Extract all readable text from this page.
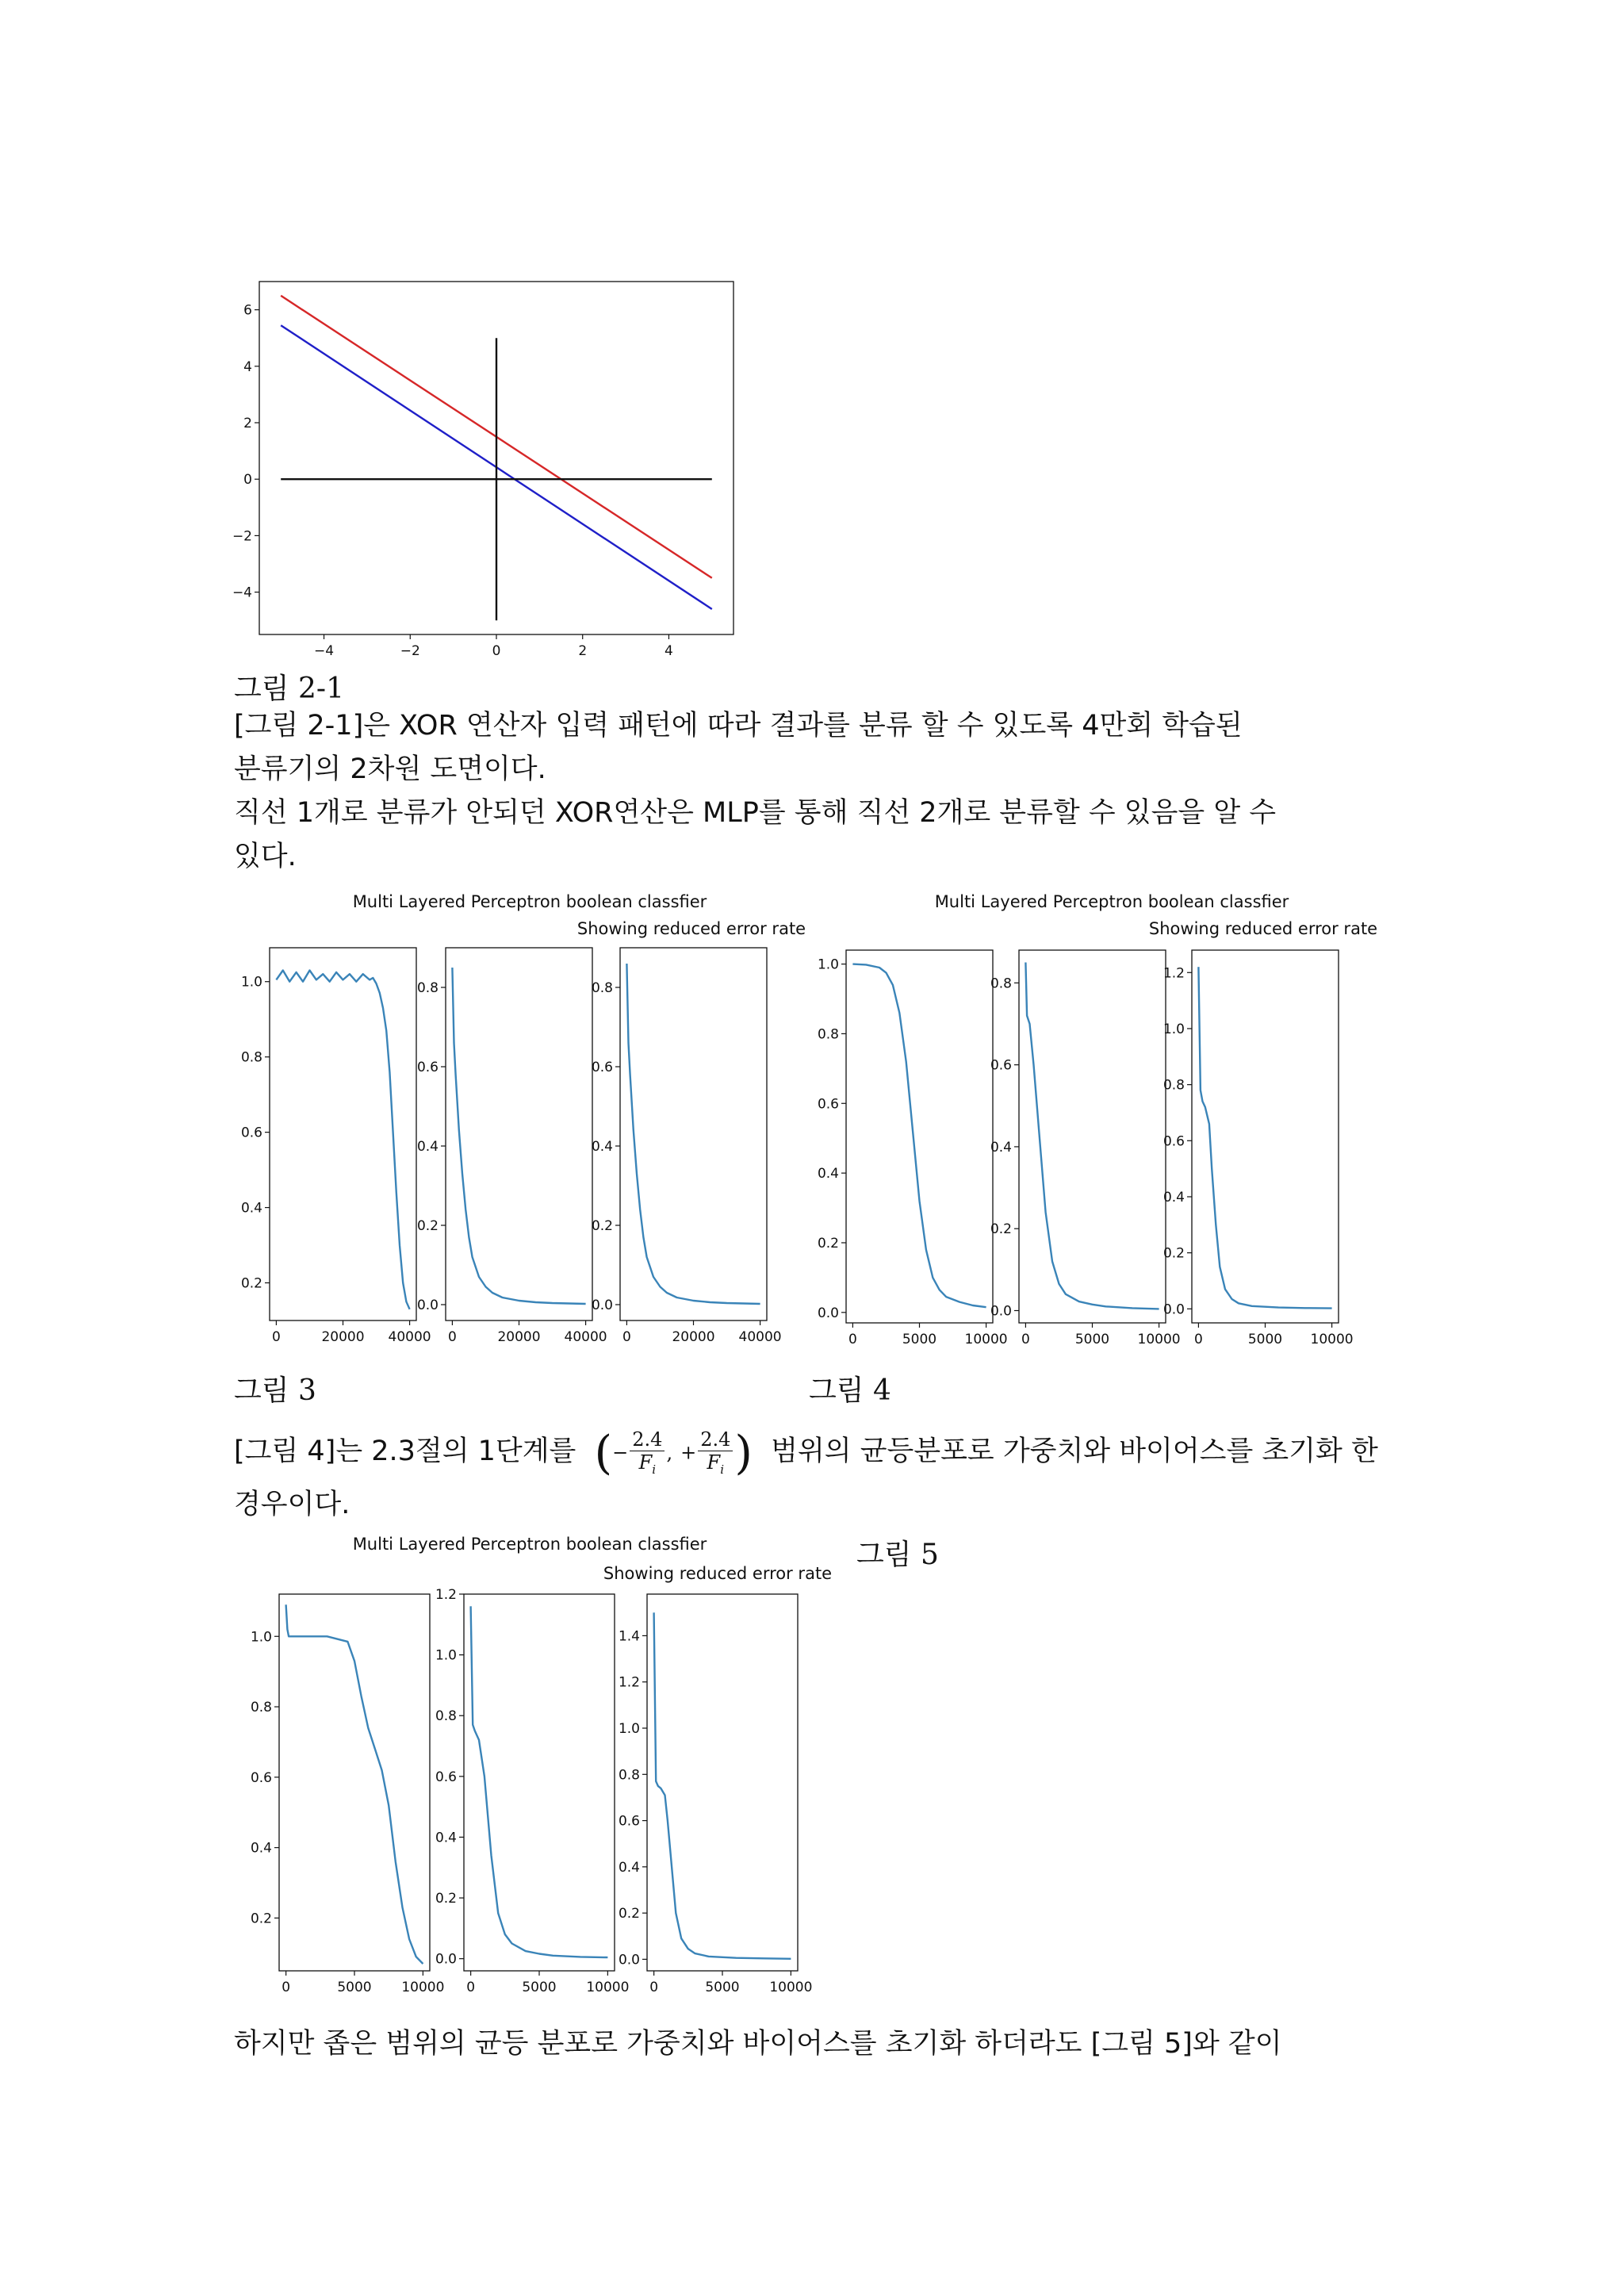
−4	−2	0	2	4
6
4
2
0
−2
−4
그림 2-1
[그림 2-1]은 XOR 연산자 입력 패턴에 따라 결과를 분류 할 수 있도록 4만회 학습된
분류기의 2차원 도면이다.
직선 1개로 분류가 안되던 XOR연산은 MLP를 통해 직선 2개로 분류할 수 있음을 알 수
있다.
Multi Layered Perceptron boolean classfier
Showing reduced error rate
0	20000 40000
1.0
0.8
0.6
0.4
0.2
0	20000 40000
0.8
0.6
0.4
0.2
0.0
0	20000 40000
0.8
0.6
0.4
0.2
0.0
Multi Layered Perceptron boolean classfier
Showing reduced error rate
0	5000 10000
1.0
0.8
0.6
0.4
0.2
0.0
0	5000 10000
0.8
0.6
0.4
0.2
0.0
0	5000 10000
1.2
1.0
0.8
0.6
0.4
0.2
0.0
그림 3	그림 4
[그림 4]는 2.3절의 1단계를 (− $\frac{2.4}{F_i}$ , + $\frac{2.4}{F_i}$ ) 범위의 균등분포로 가중치와 바이어스를 초기화 한
경우이다.
Multi Layered Perceptron boolean classfier
Showing reduced error rate
0	5000 10000
1.0
0.8
0.6
0.4
0.2
0	5000 10000
1.2
1.0
0.8
0.6
0.4
0.2
0.0
0	5000 10000
1.4
1.2
1.0
0.8
0.6
0.4
0.2
0.0
그림 5
하지만 좁은 범위의 균등 분포로 가중치와 바이어스를 초기화 하더라도 [그림 5]와 같이
